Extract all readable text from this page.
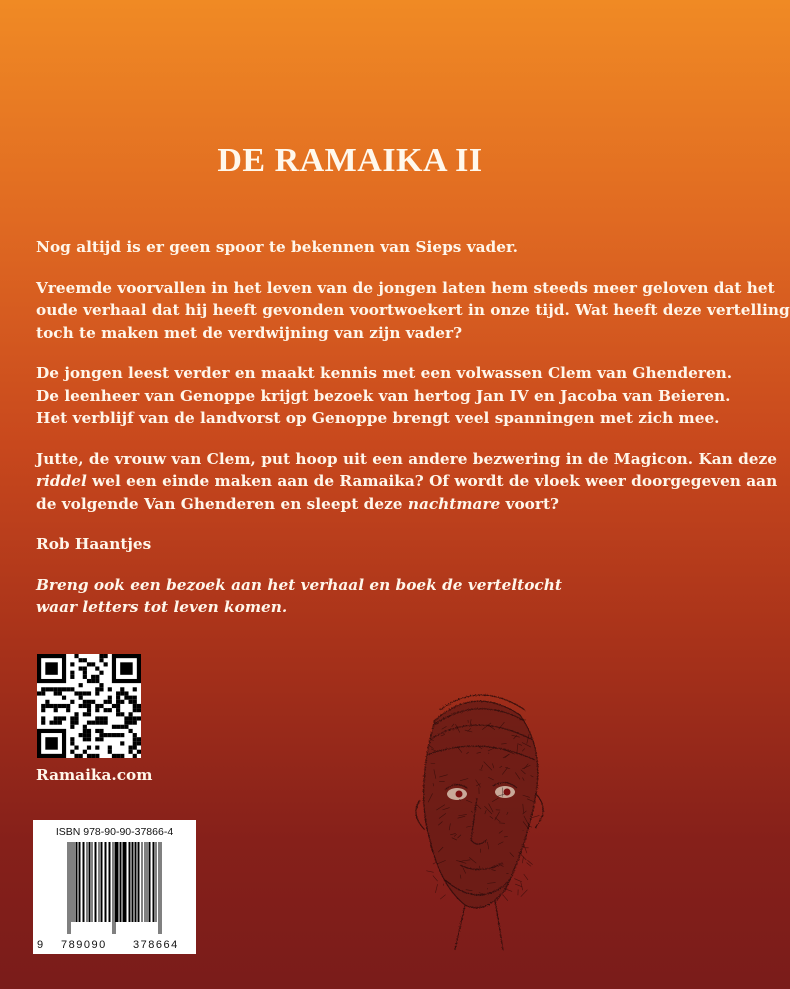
DE RAMAIKA II

Nog altijd is er geen spoor te bekennen van Sieps vader.

Vreemde voorvallen in het leven van de jongen laten hem steeds meer geloven dat het
oude verhaal dat hij heeft gevonden voortwoekert in onze tijd. Wat heeft deze vertelling
toch te maken met de verdwijning van zijn vader?

De jongen leest verder en maakt kennis met een volwassen Clem van Ghenderen.
De leenheer van Genoppe krijgt bezoek van hertog Jan IV en Jacoba van Beieren.
Het verblijf van de landvorst op Genoppe brengt veel spanningen met zich mee.

Jutte, de vrouw van Clem, put hoop uit een andere bezwering in de Magicon. Kan deze
riddel wel een einde maken aan de Ramaika? Of wordt de vloek weer doorgegeven aan
de volgende Van Ghenderen en sleept deze nachtmare voort?

Rob Haantjes

Breng ook een bezoek aan het verhaal en boek de verteltocht
waar letters tot leven komen.

Ramaika.com
ISBN 978-90-90-37866-4
9 789090 378664
